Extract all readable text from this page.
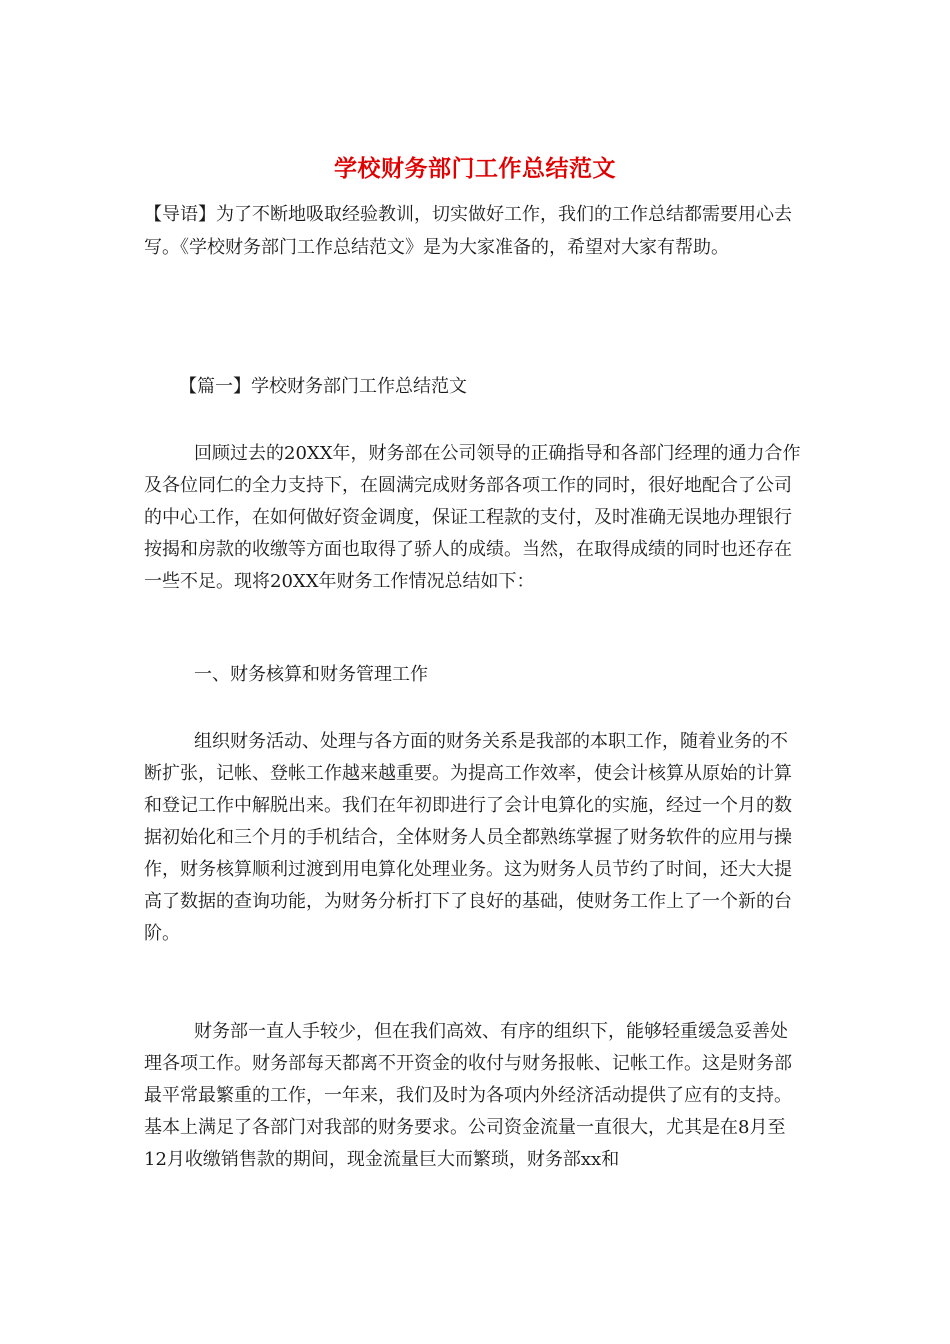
学校财务部门工作总结范文

【导语】为了不断地吸取经验教训，切实做好工作，我们的工作总结都需要用心去写。《学校财务部门工作总结范文》是为大家准备的，希望对大家有帮助。

【篇一】学校财务部门工作总结范文

回顾过去的20XX年，财务部在公司领导的正确指导和各部门经理的通力合作及各位同仁的全力支持下，在圆满完成财务部各项工作的同时，很好地配合了公司的中心工作，在如何做好资金调度，保证工程款的支付，及时准确无误地办理银行按揭和房款的收缴等方面也取得了骄人的成绩。当然，在取得成绩的同时也还存在一些不足。现将20XX年财务工作情况总结如下：

一、财务核算和财务管理工作

组织财务活动、处理与各方面的财务关系是我部的本职工作，随着业务的不断扩张，记帐、登帐工作越来越重要。为提高工作效率，使会计核算从原始的计算和登记工作中解脱出来。我们在年初即进行了会计电算化的实施，经过一个月的数据初始化和三个月的手机结合，全体财务人员全都熟练掌握了财务软件的应用与操作，财务核算顺利过渡到用电算化处理业务。这为财务人员节约了时间，还大大提高了数据的查询功能，为财务分析打下了良好的基础，使财务工作上了一个新的台阶。

财务部一直人手较少，但在我们高效、有序的组织下，能够轻重缓急妥善处理各项工作。财务部每天都离不开资金的收付与财务报帐、记帐工作。这是财务部最平常最繁重的工作，一年来，我们及时为各项内外经济活动提供了应有的支持。基本上满足了各部门对我部的财务要求。公司资金流量一直很大，尤其是在8月至12月收缴销售款的期间，现金流量巨大而繁琐，财务部xx和
